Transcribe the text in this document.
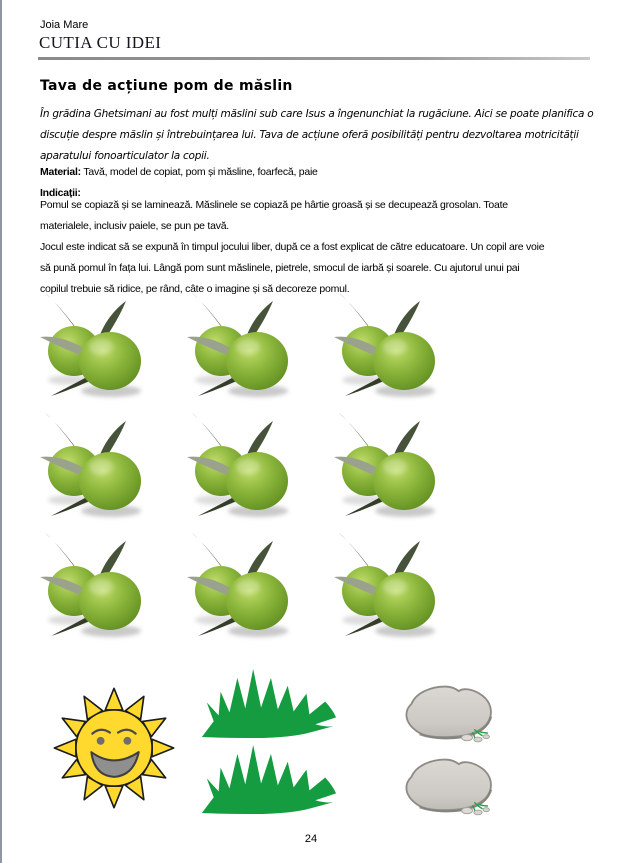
Joia Mare
CUTIA CU IDEI
Tava de acțiune pom de măslin
În grădina Ghetsimani au fost mulți măslini sub care Isus a îngenunchiat la rugăciune. Aici se poate planifica o
discuție despre măslin și întrebuințarea lui. Tava de acțiune oferă posibilități pentru dezvoltarea motricității
aparatului fonoarticulator la copii.
Material: Tavă, model de copiat, pom și măsline, foarfecă, paie
Indicații:
Pomul se copiază și se laminează. Măslinele se copiază pe hârtie groasă și se decupează grosolan. Toate
materialele, inclusiv paiele, se pun pe tavă.
Jocul este indicat să se expună în timpul jocului liber, după ce a fost explicat de către educatoare. Un copil are voie
să pună pomul în fața lui. Lângă pom sunt măslinele, pietrele, smocul de iarbă și soarele. Cu ajutorul unui pai
copilul trebuie să ridice, pe rând, câte o imagine și să decoreze pomul.
24
